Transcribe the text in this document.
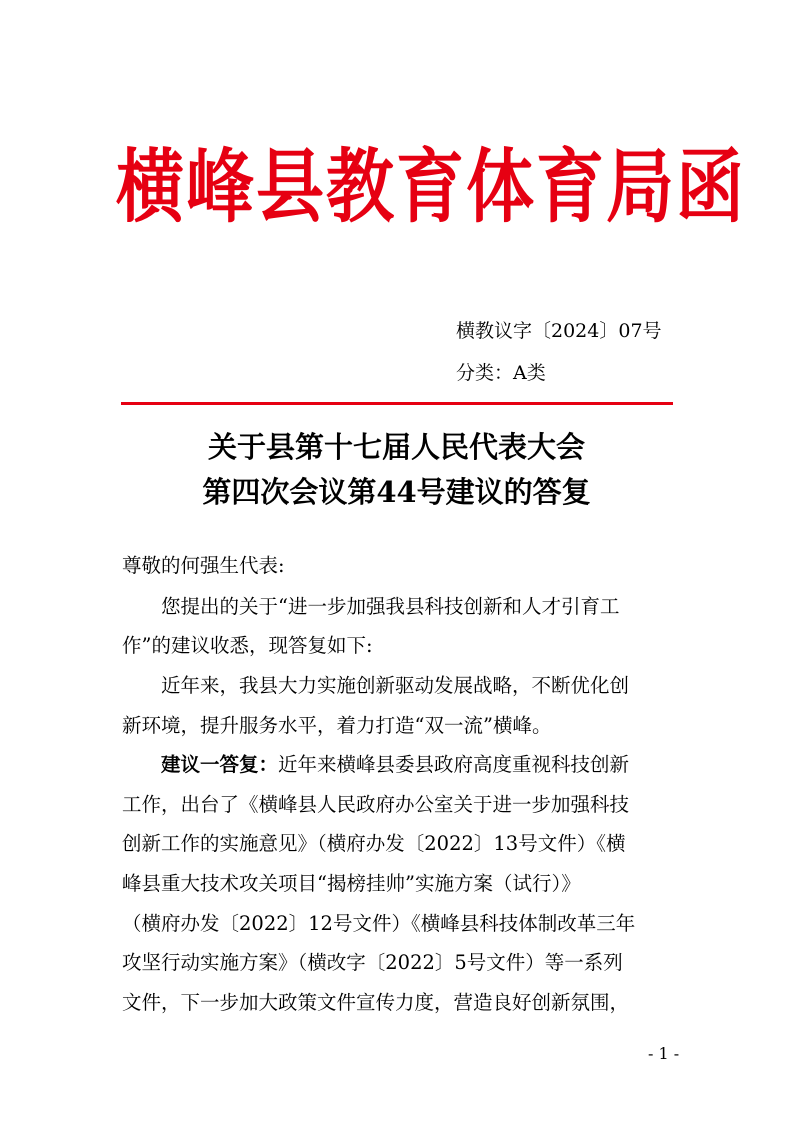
横峰县教育体育局函
横教议字〔2024〕07号
分类：A类
关于县第十七届人民代表大会
第四次会议第44号建议的答复
尊敬的何强生代表:
　　您提出的关于“进一步加强我县科技创新和人才引育工
作”的建议收悉，现答复如下:
　　近年来，我县大力实施创新驱动发展战略，不断优化创
新环境，提升服务水平，着力打造“双一流”横峰。
　　建议一答复：近年来横峰县委县政府高度重视科技创新
工作，出台了《横峰县人民政府办公室关于进一步加强科技
创新工作的实施意见》（横府办发〔2022〕13号文件）《横
峰县重大技术攻关项目“揭榜挂帅”实施方案（试行）》
（横府办发〔2022〕12号文件）《横峰县科技体制改革三年
攻坚行动实施方案》（横改字〔2022〕5号文件）等一系列
文件，下一步加大政策文件宣传力度，营造良好创新氛围，
- 1 -
